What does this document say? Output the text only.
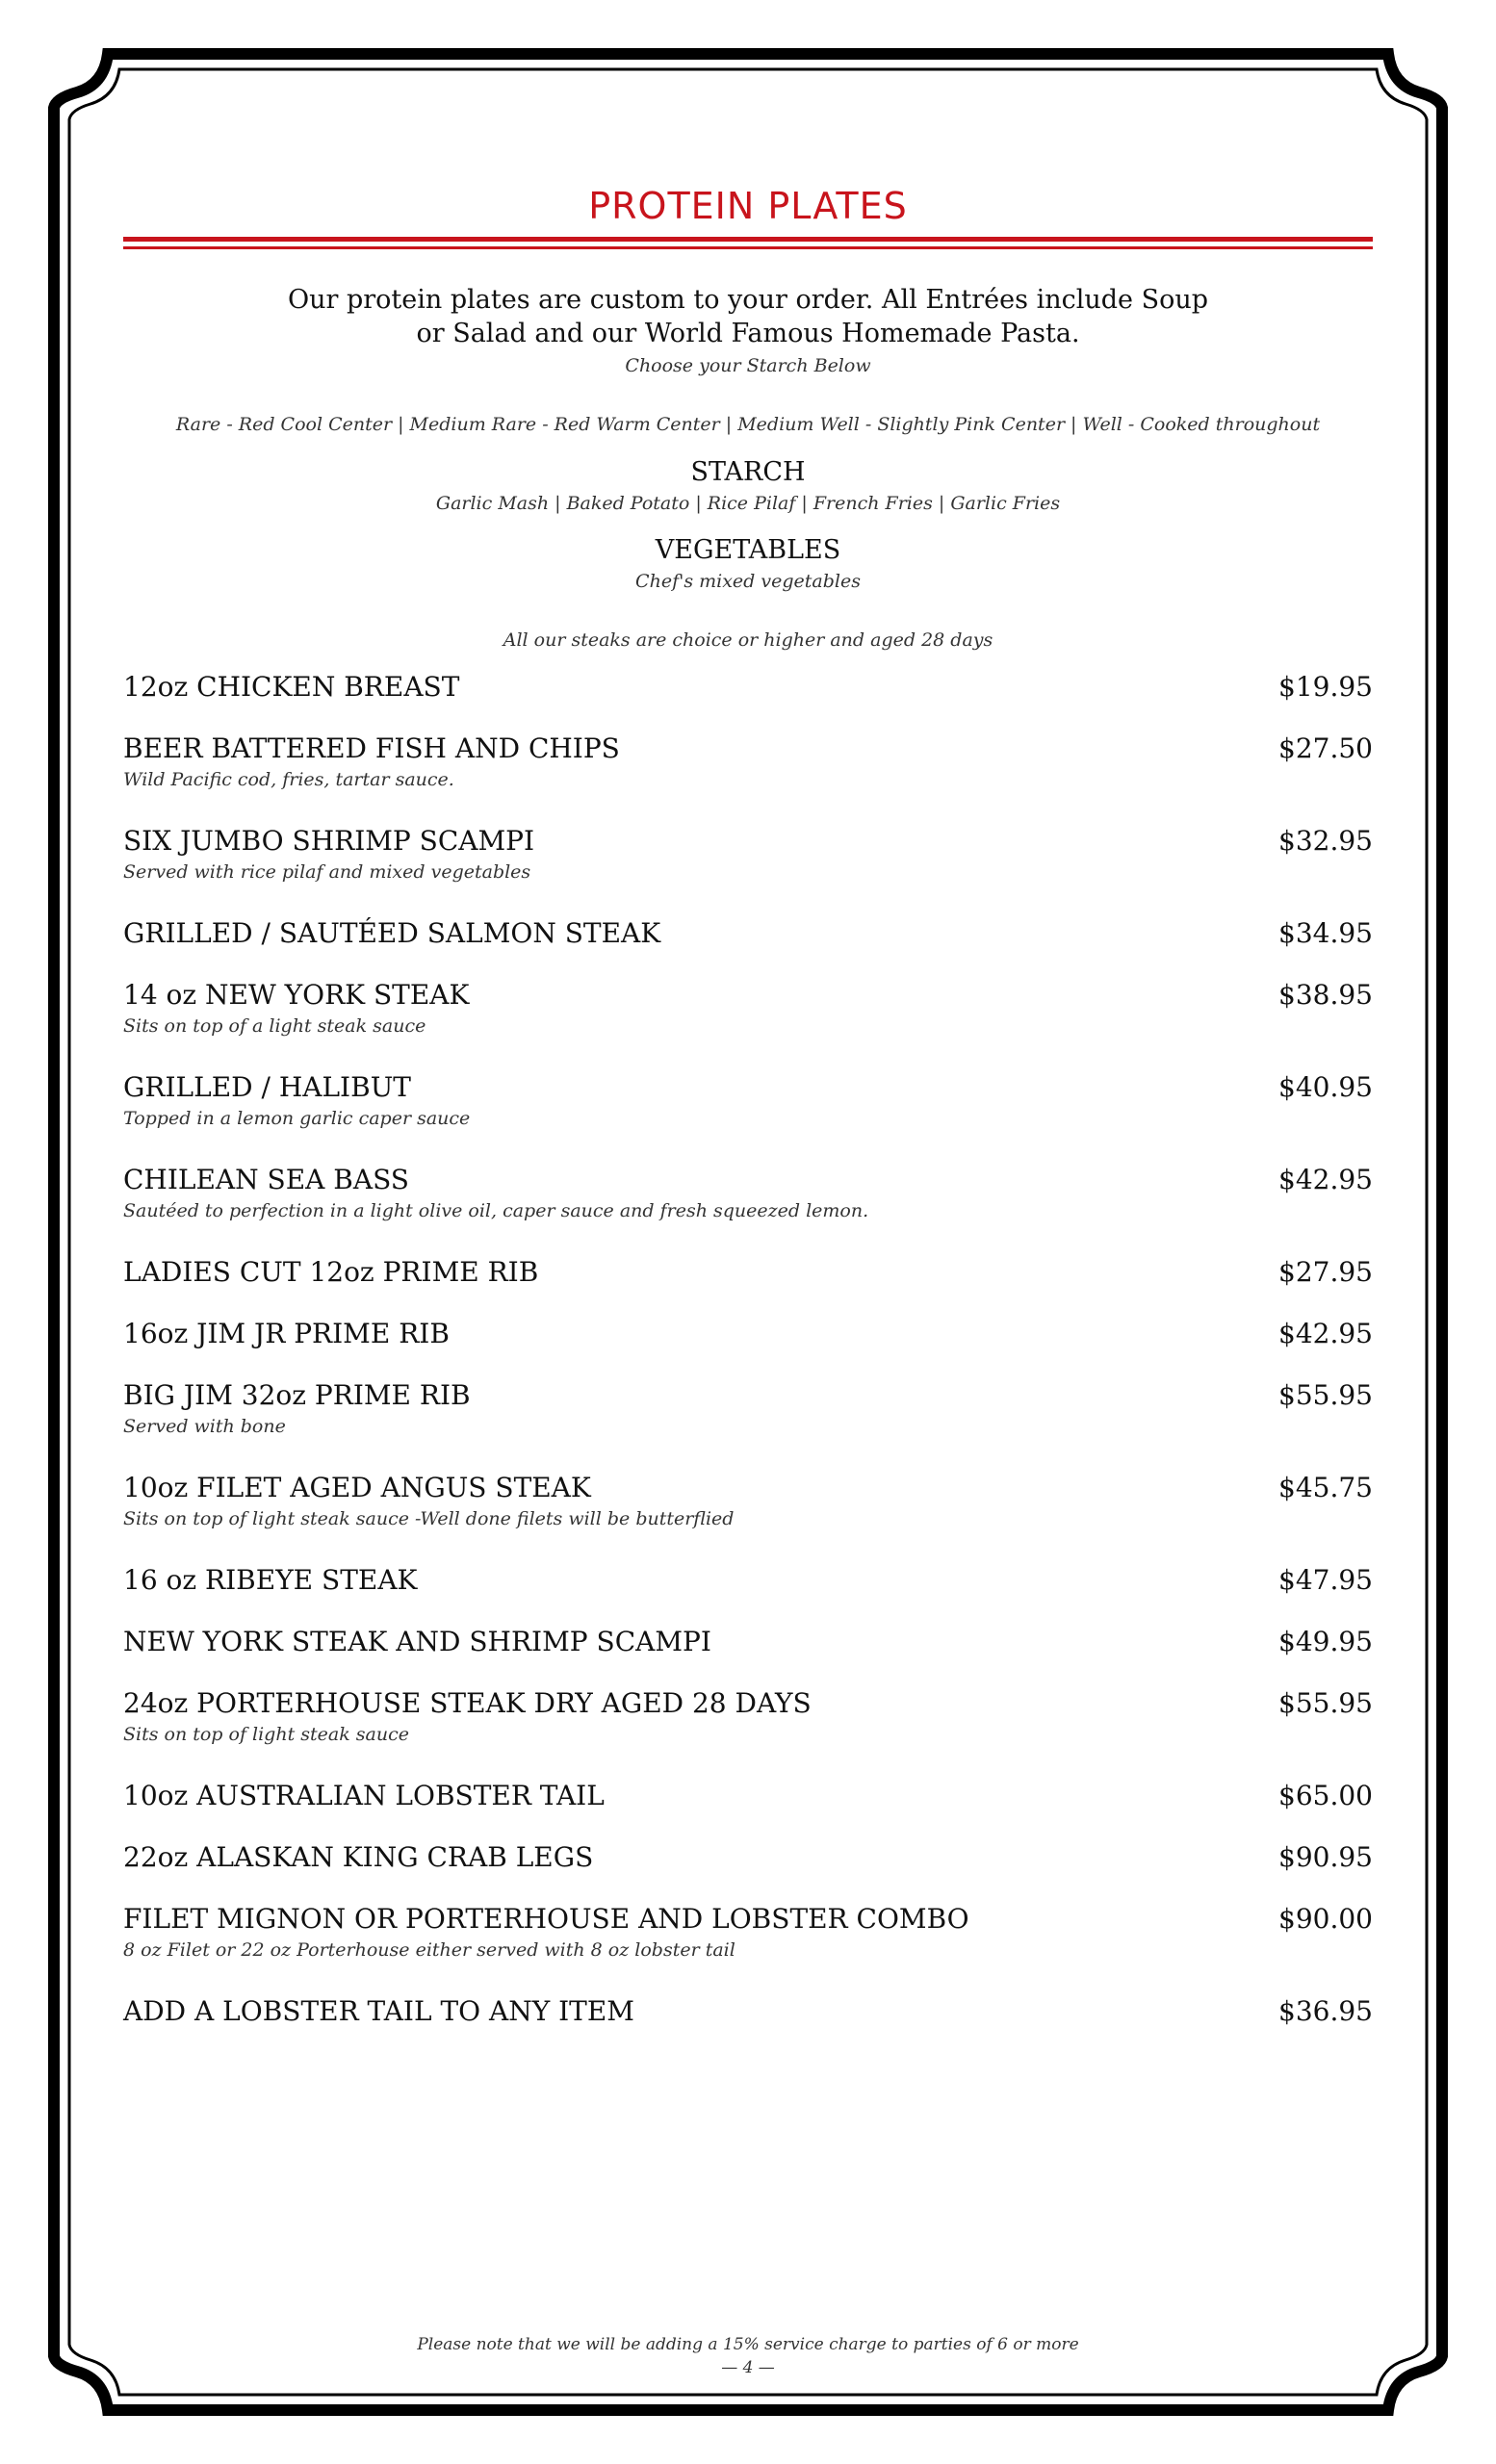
PROTEIN PLATES
Our protein plates are custom to your order. All Entrées include Soup
or Salad and our World Famous Homemade Pasta.
Choose your Starch Below
Rare - Red Cool Center | Medium Rare - Red Warm Center | Medium Well - Slightly Pink Center | Well - Cooked throughout
STARCH
Garlic Mash | Baked Potato | Rice Pilaf | French Fries | Garlic Fries
VEGETABLES
Chef's mixed vegetables
All our steaks are choice or higher and aged 28 days
12oz CHICKEN BREAST	$19.95
BEER BATTERED FISH AND CHIPS	$27.50
Wild Pacific cod, fries, tartar sauce.
SIX JUMBO SHRIMP SCAMPI	$32.95
Served with rice pilaf and mixed vegetables
GRILLED / SAUTÉED SALMON STEAK	$34.95
14 oz NEW YORK STEAK	$38.95
Sits on top of a light steak sauce
GRILLED / HALIBUT	$40.95
Topped in a lemon garlic caper sauce
CHILEAN SEA BASS	$42.95
Sautéed to perfection in a light olive oil, caper sauce and fresh squeezed lemon.
LADIES CUT 12oz PRIME RIB	$27.95
16oz JIM JR PRIME RIB	$42.95
BIG JIM 32oz PRIME RIB	$55.95
Served with bone
10oz FILET AGED ANGUS STEAK	$45.75
Sits on top of light steak sauce -Well done filets will be butterflied
16 oz RIBEYE STEAK	$47.95
NEW YORK STEAK AND SHRIMP SCAMPI	$49.95
24oz PORTERHOUSE STEAK DRY AGED 28 DAYS	$55.95
Sits on top of light steak sauce
10oz AUSTRALIAN LOBSTER TAIL	$65.00
22oz ALASKAN KING CRAB LEGS	$90.95
FILET MIGNON OR PORTERHOUSE AND LOBSTER COMBO	$90.00
8 oz Filet or 22 oz Porterhouse either served with 8 oz lobster tail
ADD A LOBSTER TAIL TO ANY ITEM	$36.95
Please note that we will be adding a 15% service charge to parties of 6 or more
— 4 —
